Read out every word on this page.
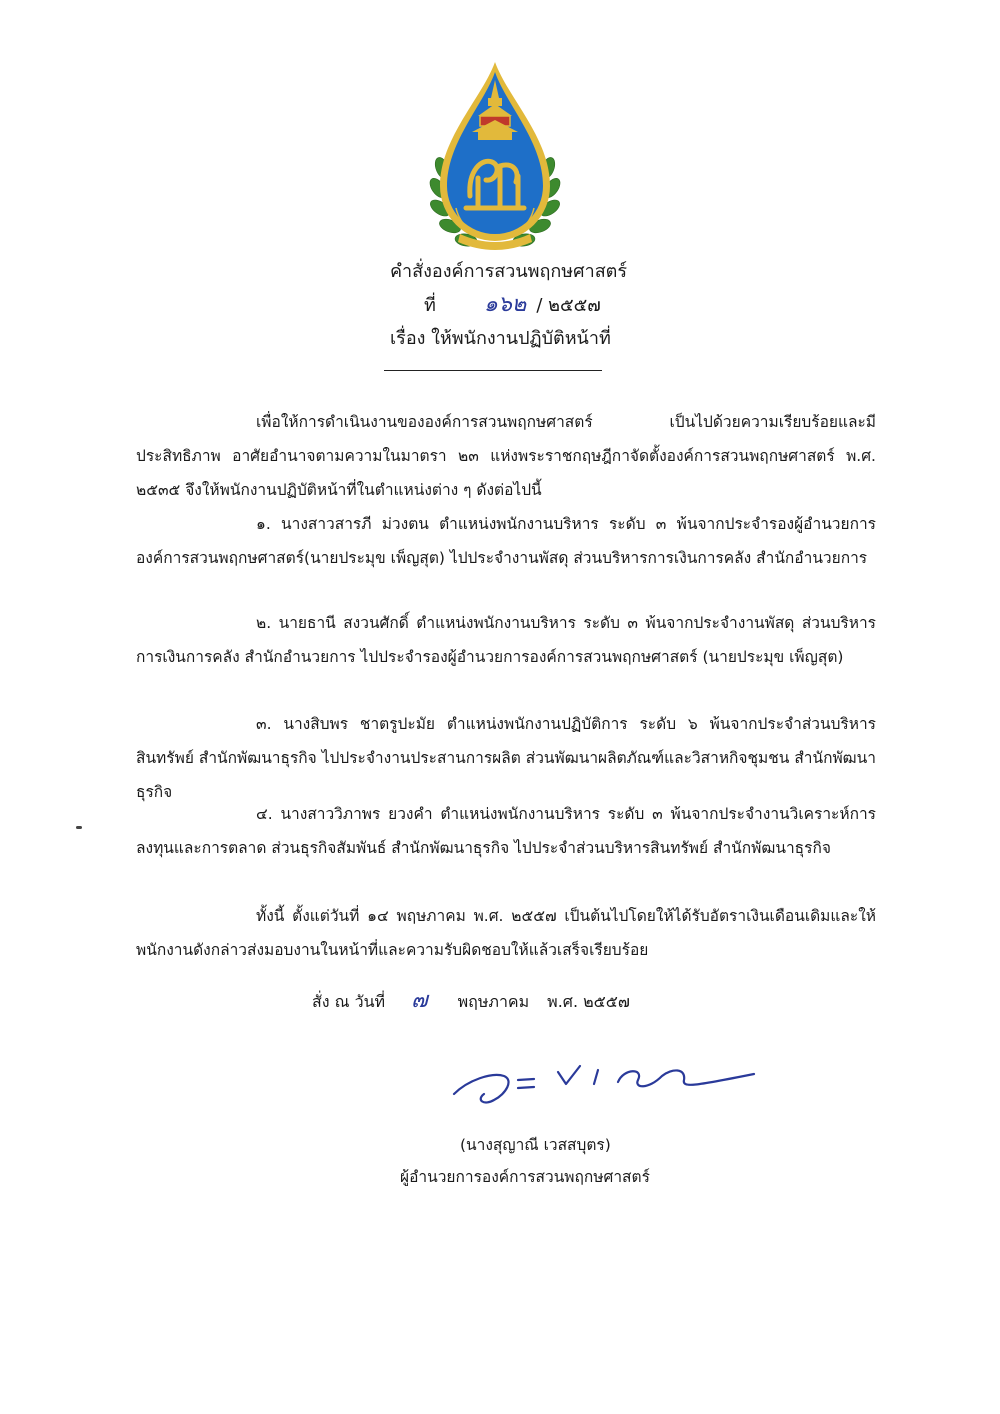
คำสั่งองค์การสวนพฤกษศาสตร์
ที่ ๑๖๒ / ๒๕๕๗
เรื่อง ให้พนักงานปฏิบัติหน้าที่
เพื่อให้การดำเนินงานขององค์การสวนพฤกษศาสตร์ เป็นไปด้วยความเรียบร้อยและมีประสิทธิภาพ อาศัยอำนาจตามความในมาตรา ๒๓ แห่งพระราชกฤษฎีกาจัดตั้งองค์การสวนพฤกษศาสตร์ พ.ศ. ๒๕๓๕ จึงให้พนักงานปฏิบัติหน้าที่ในตำแหน่งต่าง ๆ ดังต่อไปนี้
๑. นางสาวสารภี ม่วงตน ตำแหน่งพนักงานบริหาร ระดับ ๓ พ้นจากประจำรองผู้อำนวยการองค์การสวนพฤกษศาสตร์(นายประมุข เพ็ญสุต) ไปประจำงานพัสดุ ส่วนบริหารการเงินการคลัง สำนักอำนวยการ
๒. นายธานี สงวนศักดิ์ ตำแหน่งพนักงานบริหาร ระดับ ๓ พ้นจากประจำงานพัสดุ ส่วนบริหารการเงินการคลัง สำนักอำนวยการ ไปประจำรองผู้อำนวยการองค์การสวนพฤกษศาสตร์ (นายประมุข เพ็ญสุต)
๓. นางสิบพร ชาตรูปะมัย ตำแหน่งพนักงานปฏิบัติการ ระดับ ๖ พ้นจากประจำส่วนบริหารสินทรัพย์ สำนักพัฒนาธุรกิจ ไปประจำงานประสานการผลิต ส่วนพัฒนาผลิตภัณฑ์และวิสาหกิจชุมชน สำนักพัฒนาธุรกิจ
๔. นางสาววิภาพร ยวงคำ ตำแหน่งพนักงานบริหาร ระดับ ๓ พ้นจากประจำงานวิเคราะห์การลงทุนและการตลาด ส่วนธุรกิจสัมพันธ์ สำนักพัฒนาธุรกิจ ไปประจำส่วนบริหารสินทรัพย์ สำนักพัฒนาธุรกิจ
ทั้งนี้ ตั้งแต่วันที่ ๑๔ พฤษภาคม พ.ศ. ๒๕๕๗ เป็นต้นไปโดยให้ได้รับอัตราเงินเดือนเดิมและให้พนักงานดังกล่าวส่งมอบงานในหน้าที่และความรับผิดชอบให้แล้วเสร็จเรียบร้อย
สั่ง ณ วันที่ ๗ พฤษภาคม พ.ศ. ๒๕๕๗
(นางสุญาณี เวสสบุตร)
ผู้อำนวยการองค์การสวนพฤกษศาสตร์
